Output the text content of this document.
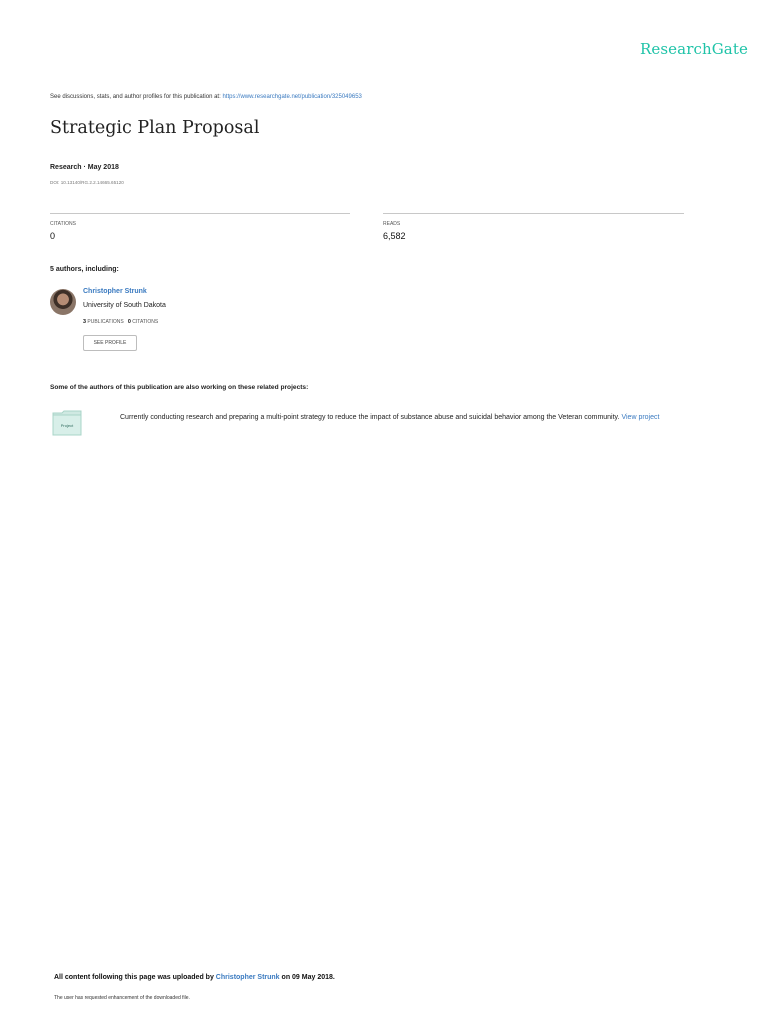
ResearchGate
See discussions, stats, and author profiles for this publication at: https://www.researchgate.net/publication/325049653
Strategic Plan Proposal
Research · May 2018
DOI: 10.13140/RG.2.2.14665.65120
CITATIONS
0
READS
6,582
5 authors, including:
Christopher Strunk
University of South Dakota
3 PUBLICATIONS 0 CITATIONS
SEE PROFILE
Some of the authors of this publication are also working on these related projects:
Project
Currently conducting research and preparing a multi-point strategy to reduce the impact of substance abuse and suicidal behavior among the Veteran community. View project
All content following this page was uploaded by Christopher Strunk on 09 May 2018.
The user has requested enhancement of the downloaded file.
